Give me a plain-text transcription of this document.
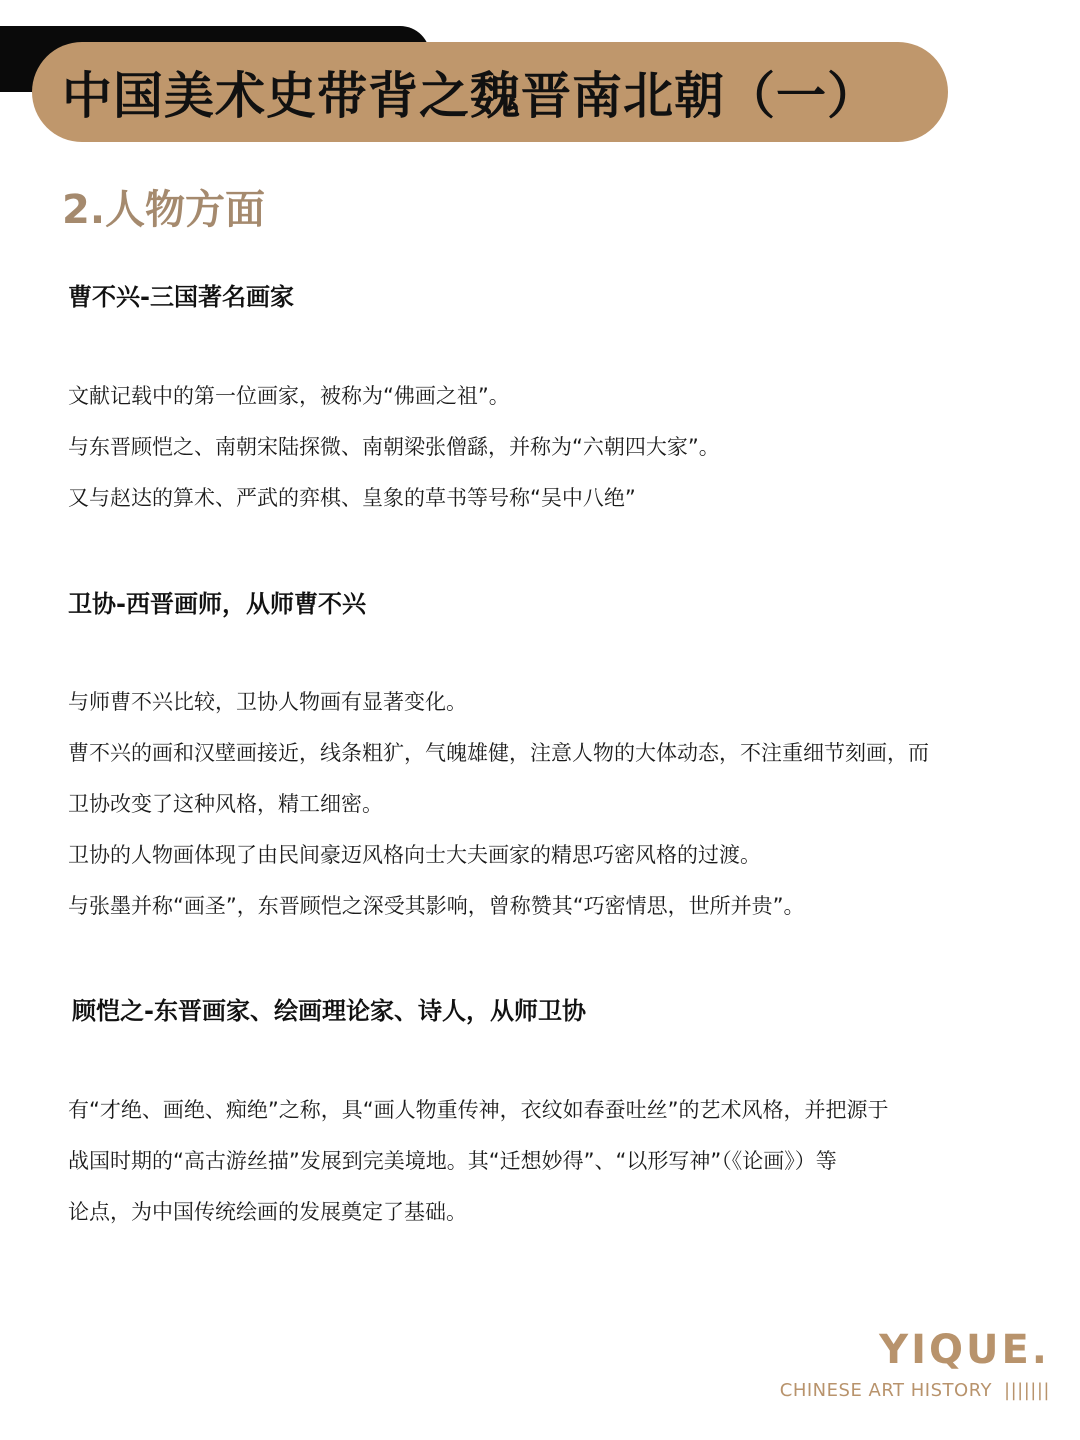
中国美术史带背之魏晋南北朝（一）
2.人物方面
曹不兴-三国著名画家

文献记载中的第一位画家，被称为“佛画之祖”。

与东晋顾恺之、南朝宋陆探微、南朝梁张僧繇，并称为“六朝四大家”。

又与赵达的算术、严武的弈棋、皇象的草书等号称“吴中八绝”

卫协-西晋画师，从师曹不兴

与师曹不兴比较，卫协人物画有显著变化。

曹不兴的画和汉壁画接近，线条粗犷，气魄雄健，注意人物的大体动态，不注重细节刻画，而

卫协改变了这种风格，精工细密。

卫协的人物画体现了由民间豪迈风格向士大夫画家的精思巧密风格的过渡。

与张墨并称“画圣”，东晋顾恺之深受其影响，曾称赞其“巧密情思，世所并贵”。

顾恺之-东晋画家、绘画理论家、诗人，从师卫协

有“才绝、画绝、痴绝”之称，具“画人物重传神，衣纹如春蚕吐丝”的艺术风格，并把源于

战国时期的“高古游丝描”发展到完美境地。其“迁想妙得”、“以形写神”（《论画》）等

论点，为中国传统绘画的发展奠定了基础。

YIQUE.
CHINESE ART HISTORY |||||||
